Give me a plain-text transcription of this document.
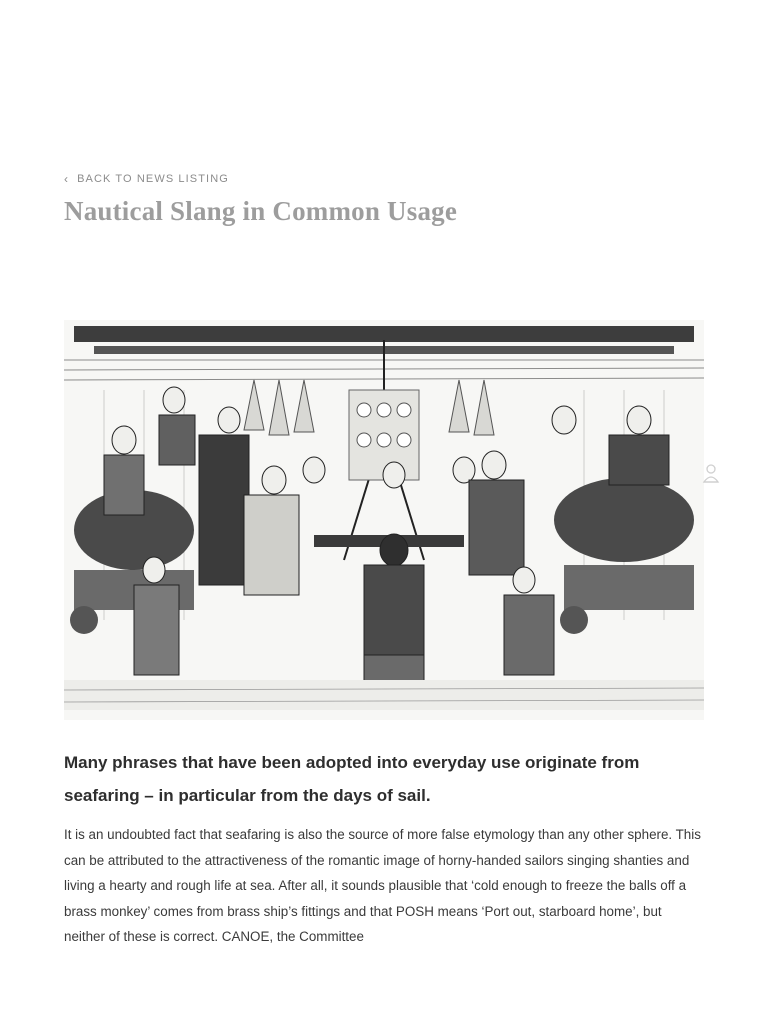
‹ BACK TO NEWS LISTING
Nautical Slang in Common Usage

Many phrases that have been adopted into everyday use originate from seafaring – in particular from the days of sail.

It is an undoubted fact that seafaring is also the source of more false etymology than any other sphere. This can be attributed to the attractiveness of the romantic image of horny-handed sailors singing shanties and living a hearty and rough life at sea. After all, it sounds plausible that ‘cold enough to freeze the balls off a brass monkey’ comes from brass ship’s fittings and that POSH means ‘Port out, starboard home’, but neither of these is correct. CANOE, the Committee
